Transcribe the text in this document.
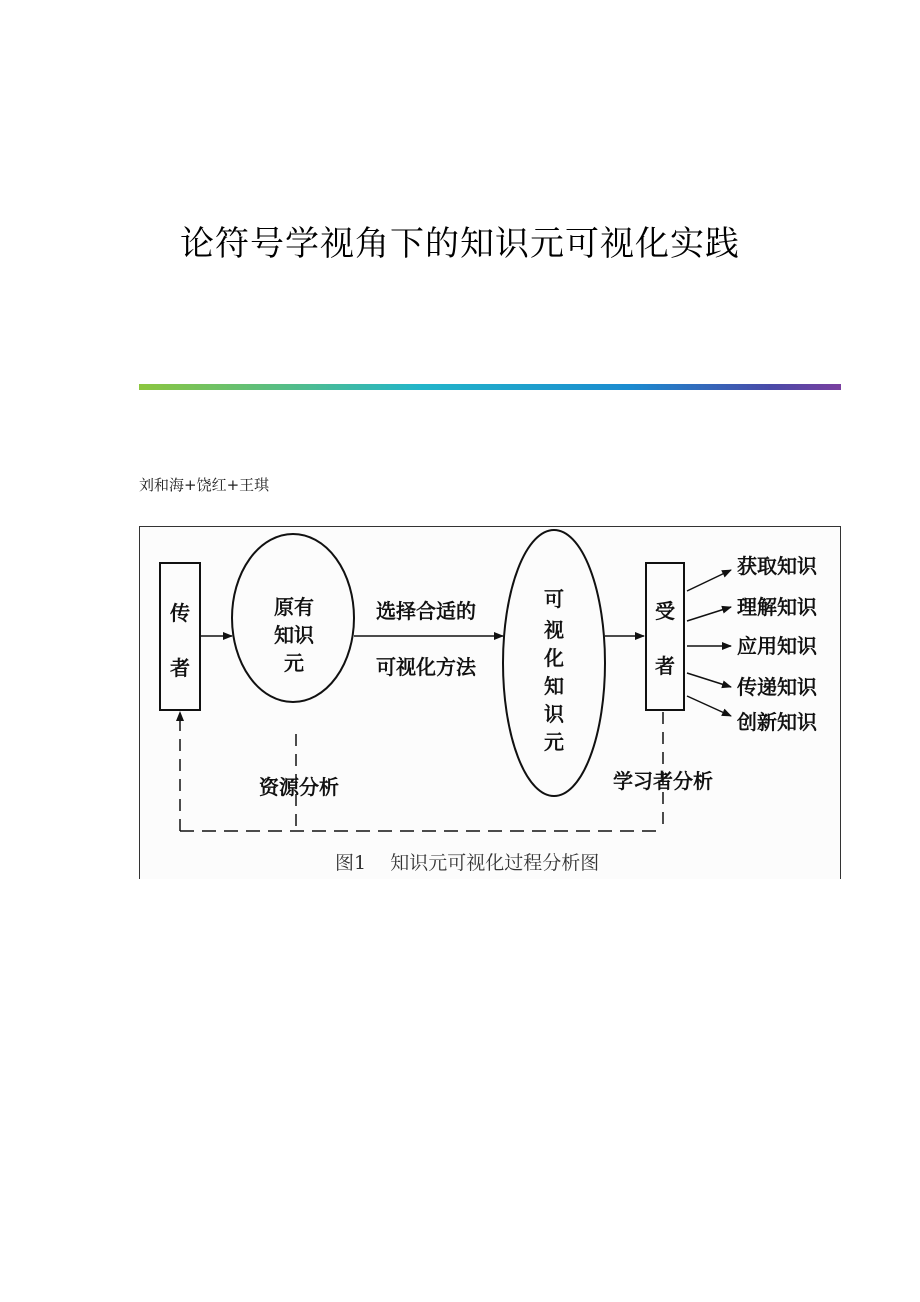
论符号学视角下的知识元可视化实践
刘和海+饶红+王琪
传
者
原有
知识
元
选择合适的
可视化方法
可
视
化
知
识
元
受
者
获取知识
理解知识
应用知识
传递知识
创新知识
资源分析	学习者分析
图1    知识元可视化过程分析图
